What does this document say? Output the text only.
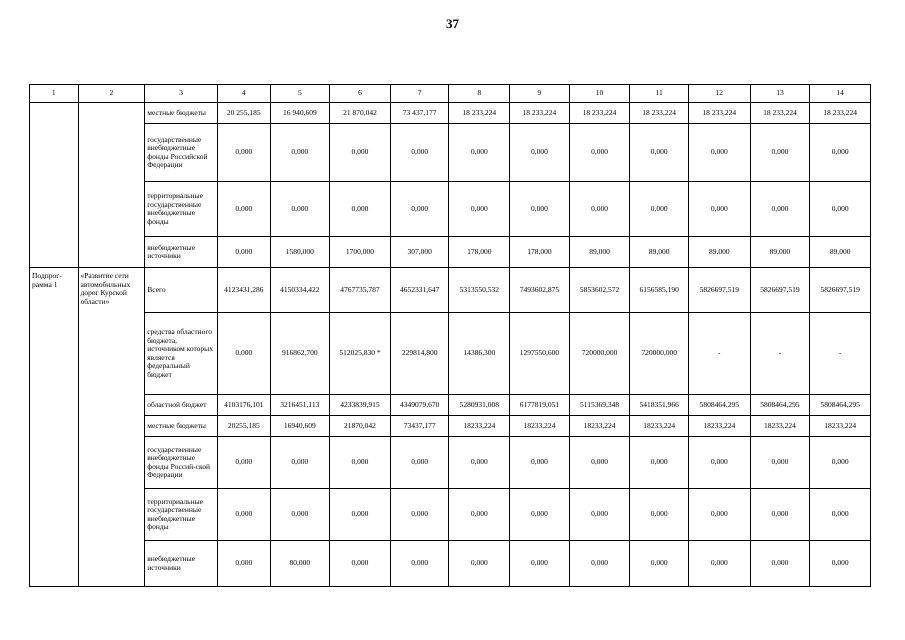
37
1	2	3	4	5	6	7	8	9	10	11	12	13	14
		местные бюджеты	20 255,185	16 940,609	21 870,042	73 437,177	18 233,224	18 233,224	18 233,224	18 233,224	18 233,224	18 233,224	18 233,224
		государственные внебюджетные фонды Российской Федерации	0,000	0,000	0,000	0,000	0,000	0,000	0,000	0,000	0,000	0,000	0,000
		территориальные государственные внебюджетные фонды	0,000	0,000	0,000	0,000	0,000	0,000	0,000	0,000	0,000	0,000	0,000
		внебюджетные источники	0,000	1580,000	1700,000	307,000	178,000	178,000	89,000	89,000	89,000	89,000	89,000
Подпрог-рамма 1	«Развитие сети автомобильных дорог Курской области»	Всего	4123431,286	4150334,422	4767735,787	4652331,647	5313550,532	7493602,875	5853602,572	6156585,190	5826697,519	5826697,519	5826697,519
		средства областного бюджета, источником которых является федеральный бюджет	0,000	916862,700	512025,830 *	229814,800	14386,300	1297550,600	720000,000	720000,000	-	-	-
		областной бюджет	4103176,101	3216451,113	4233839,915	4349079,670	5280931,008	6177819,051	5115369,348	5418351,966	5808464,295	5808464,295	5808464,295
		местные бюджеты	20255,185	16940,609	21870,042	73437,177	18233,224	18233,224	18233,224	18233,224	18233,224	18233,224	18233,224
		государственные внебюджетные фонды Россий-ской Федерации	0,000	0,000	0,000	0,000	0,000	0,000	0,000	0,000	0,000	0,000	0,000
		территориальные государственные внебюджетные фонды	0,000	0,000	0,000	0,000	0,000	0,000	0,000	0,000	0,000	0,000	0,000
		внебюджетные источники	0,000	80,000	0,000	0,000	0,000	0,000	0,000	0,000	0,000	0,000	0,000
